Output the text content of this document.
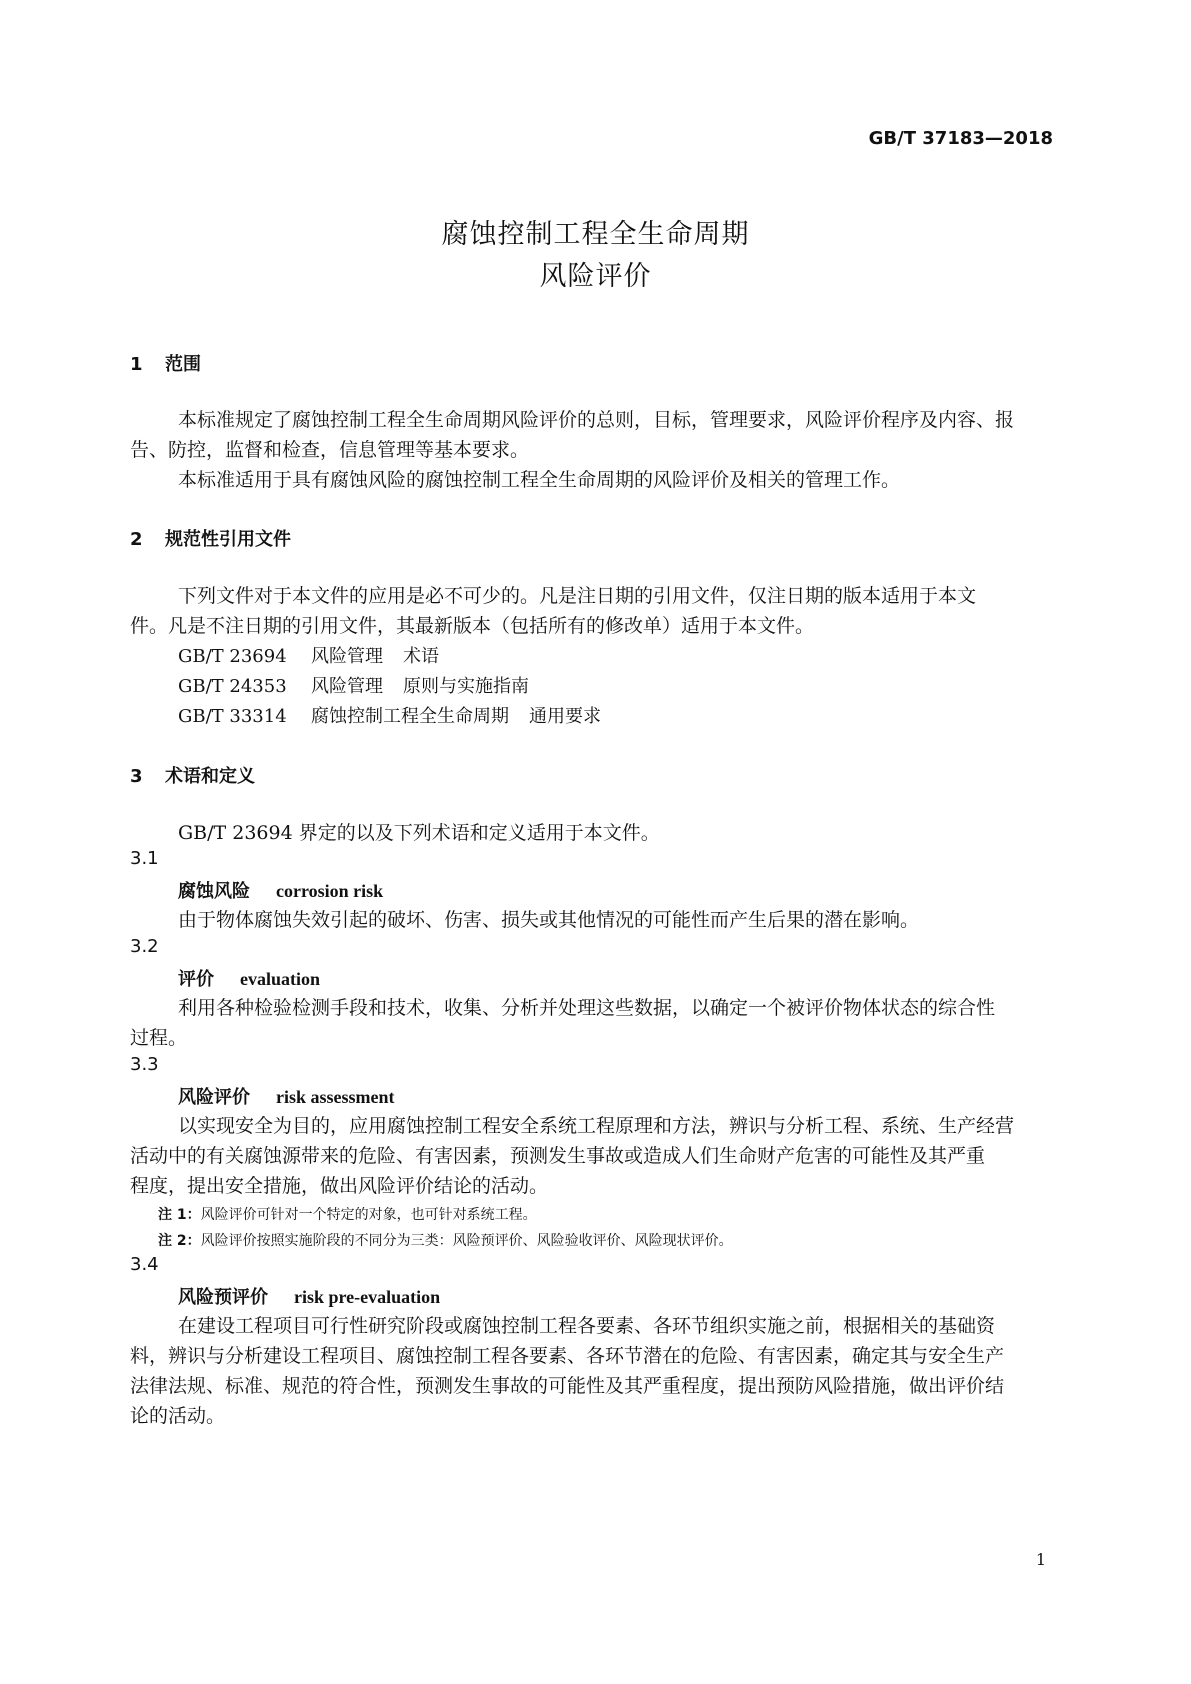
GB/T 37183—2018
腐蚀控制工程全生命周期
风险评价
1 范围
本标准规定了腐蚀控制工程全生命周期风险评价的总则，目标，管理要求，风险评价程序及内容、报
告、防控，监督和检查，信息管理等基本要求。
本标准适用于具有腐蚀风险的腐蚀控制工程全生命周期的风险评价及相关的管理工作。
2 规范性引用文件
下列文件对于本文件的应用是必不可少的。凡是注日期的引用文件，仅注日期的版本适用于本文
件。凡是不注日期的引用文件，其最新版本（包括所有的修改单）适用于本文件。
GB/T 23694 风险管理 术语
GB/T 24353 风险管理 原则与实施指南
GB/T 33314 腐蚀控制工程全生命周期 通用要求
3 术语和定义
GB/T 23694 界定的以及下列术语和定义适用于本文件。
3.1
腐蚀风险 corrosion risk
由于物体腐蚀失效引起的破坏、伤害、损失或其他情况的可能性而产生后果的潜在影响。
3.2
评价 evaluation
利用各种检验检测手段和技术，收集、分析并处理这些数据，以确定一个被评价物体状态的综合性
过程。
3.3
风险评价 risk assessment
以实现安全为目的，应用腐蚀控制工程安全系统工程原理和方法，辨识与分析工程、系统、生产经营
活动中的有关腐蚀源带来的危险、有害因素，预测发生事故或造成人们生命财产危害的可能性及其严重
程度，提出安全措施，做出风险评价结论的活动。
注 1：风险评价可针对一个特定的对象，也可针对系统工程。
注 2：风险评价按照实施阶段的不同分为三类：风险预评价、风险验收评价、风险现状评价。
3.4
风险预评价 risk pre-evaluation
在建设工程项目可行性研究阶段或腐蚀控制工程各要素、各环节组织实施之前，根据相关的基础资
料，辨识与分析建设工程项目、腐蚀控制工程各要素、各环节潜在的危险、有害因素，确定其与安全生产
法律法规、标准、规范的符合性，预测发生事故的可能性及其严重程度，提出预防风险措施，做出评价结
论的活动。
1
